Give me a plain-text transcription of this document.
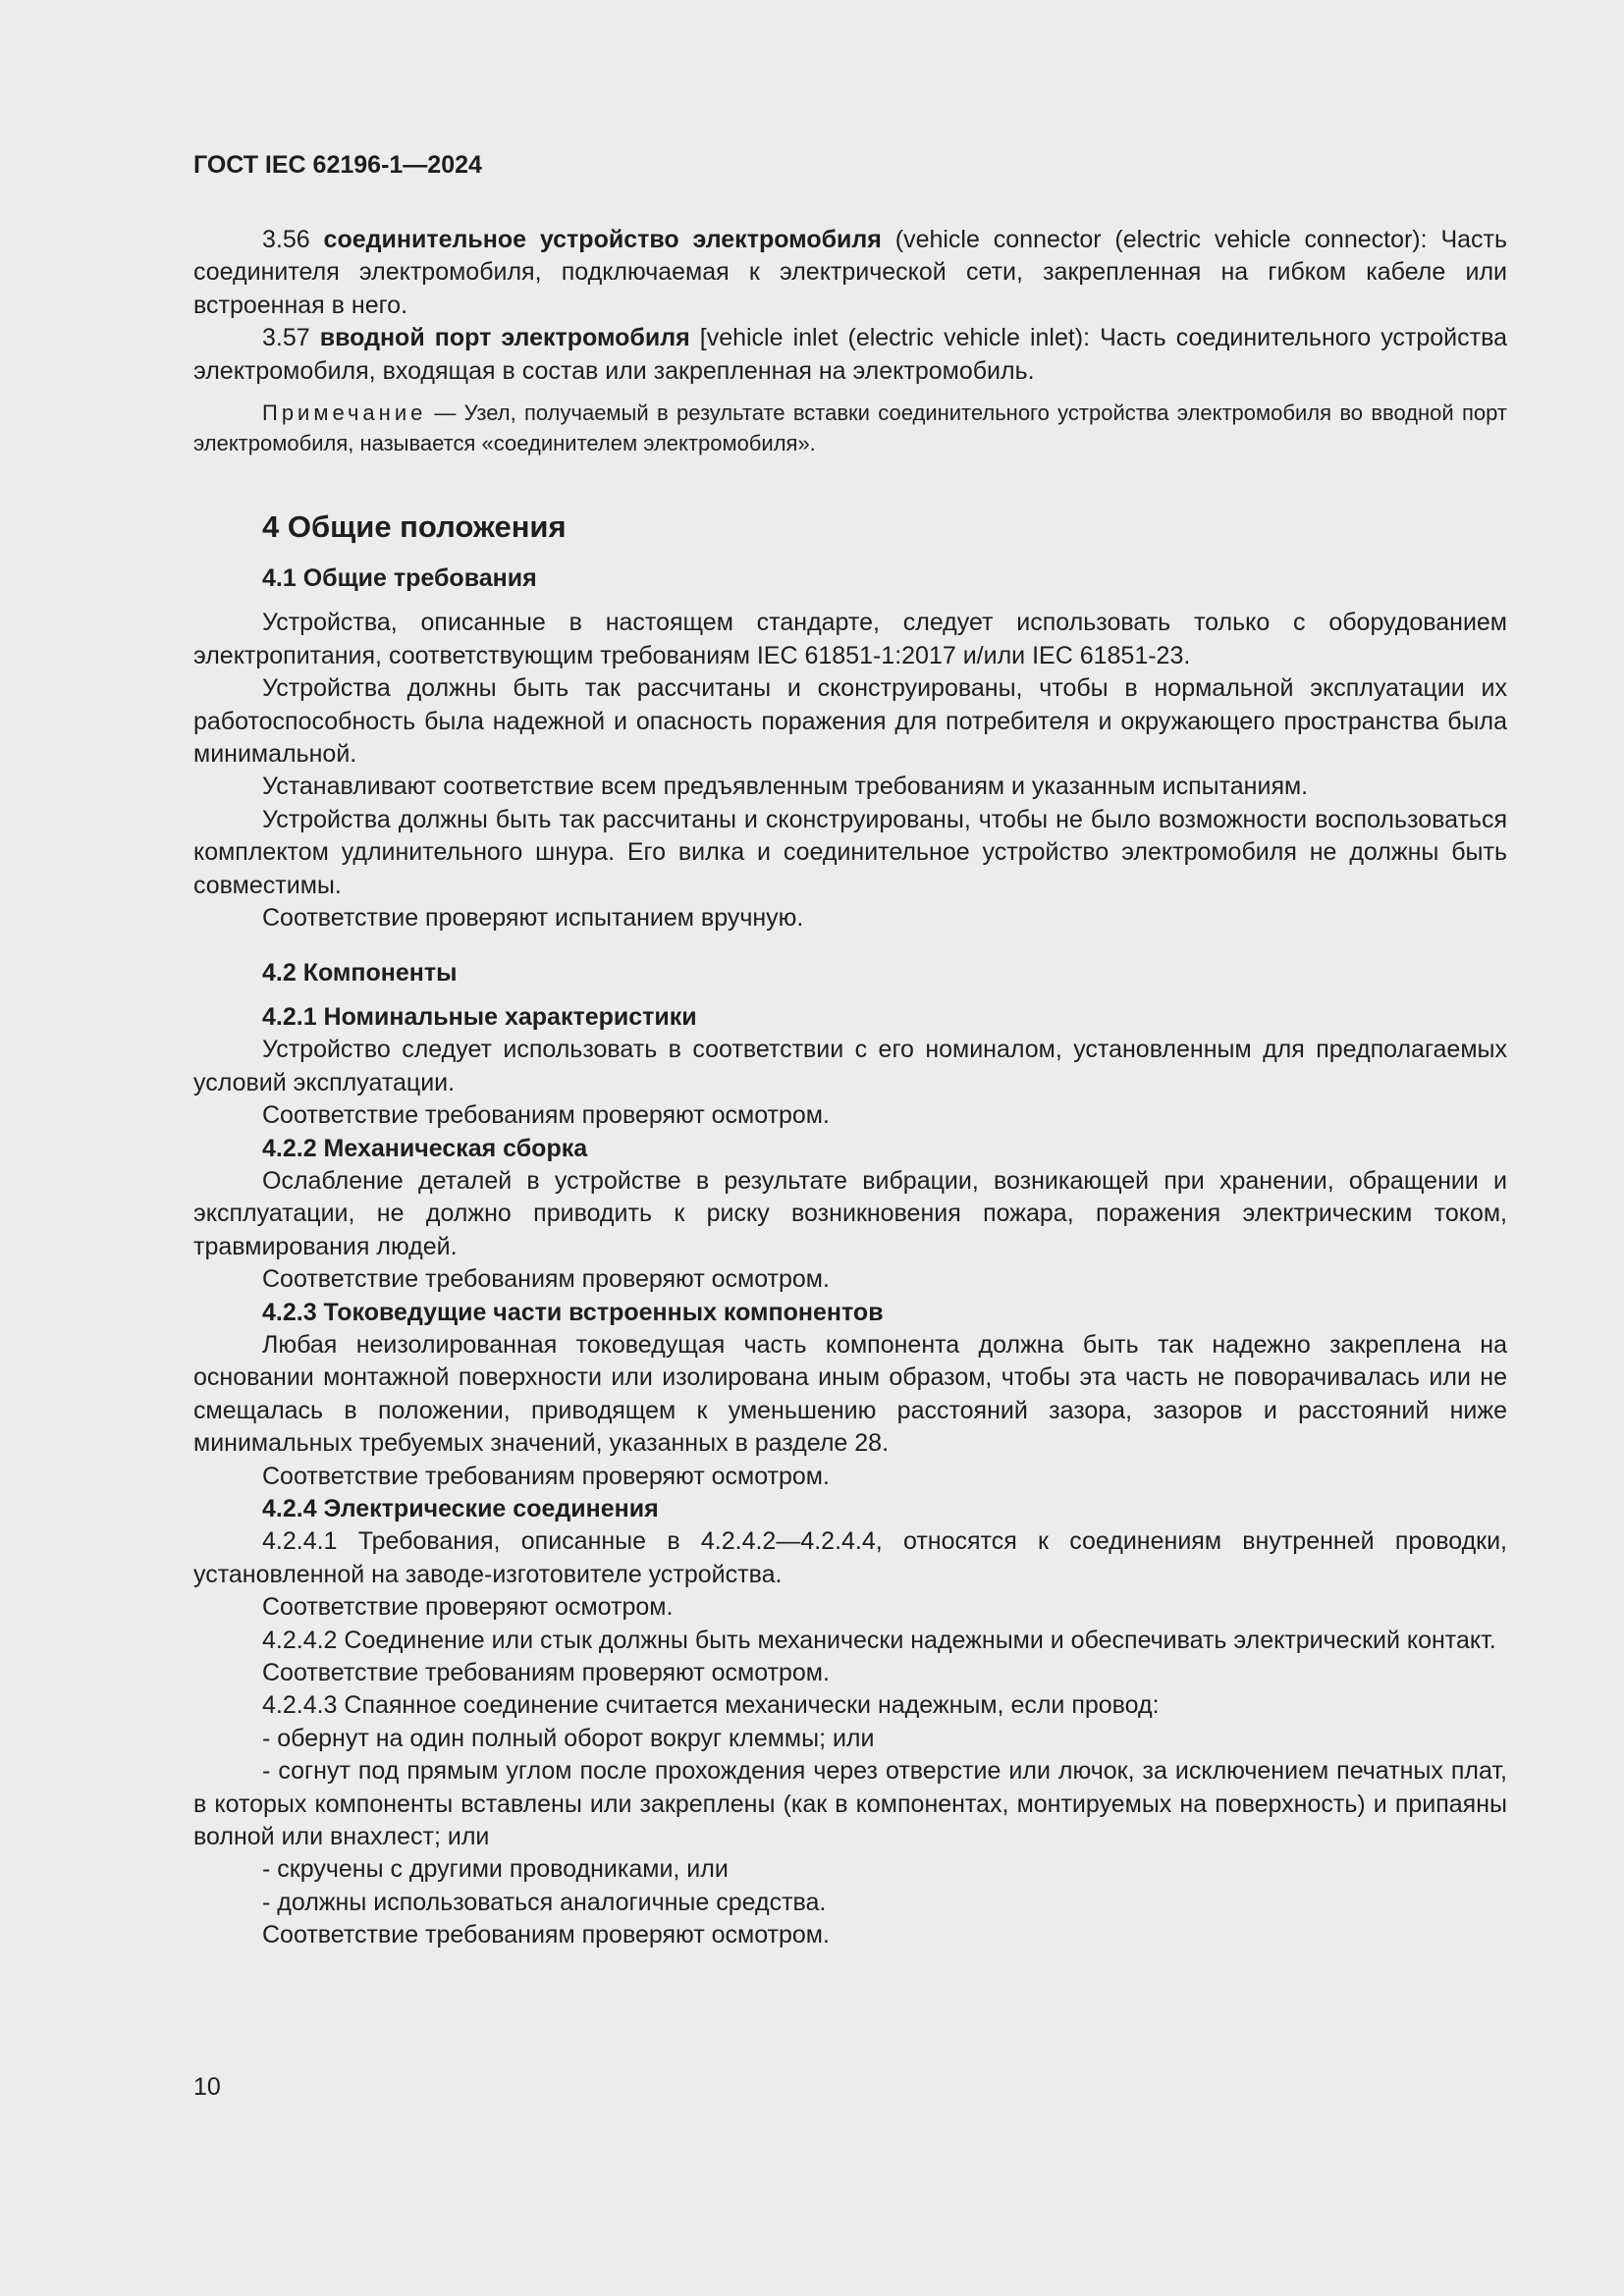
ГОСТ IEC 62196-1—2024

3.56 соединительное устройство электромобиля (vehicle connector (electric vehicle connector): Часть соединителя электромобиля, подключаемая к электрической сети, закрепленная на гибком кабеле или встроенная в него.

3.57 вводной порт электромобиля [vehicle inlet (electric vehicle inlet): Часть соединительного устройства электромобиля, входящая в состав или закрепленная на электромобиль.

Примечание — Узел, получаемый в результате вставки соединительного устройства электромобиля во вводной порт электромобиля, называется «соединителем электромобиля».

4 Общие положения
4.1 Общие требования

Устройства, описанные в настоящем стандарте, следует использовать только с оборудованием электропитания, соответствующим требованиям IEC 61851-1:2017 и/или IEC 61851-23.

Устройства должны быть так рассчитаны и сконструированы, чтобы в нормальной эксплуатации их работоспособность была надежной и опасность поражения для потребителя и окружающего пространства была минимальной.

Устанавливают соответствие всем предъявленным требованиям и указанным испытаниям.

Устройства должны быть так рассчитаны и сконструированы, чтобы не было возможности воспользоваться комплектом удлинительного шнура. Его вилка и соединительное устройство электромобиля не должны быть совместимы.

Соответствие проверяют испытанием вручную.

4.2 Компоненты
4.2.1 Номинальные характеристики

Устройство следует использовать в соответствии с его номиналом, установленным для предполагаемых условий эксплуатации.

Соответствие требованиям проверяют осмотром.

4.2.2 Механическая сборка

Ослабление деталей в устройстве в результате вибрации, возникающей при хранении, обращении и эксплуатации, не должно приводить к риску возникновения пожара, поражения электрическим током, травмирования людей.

Соответствие требованиям проверяют осмотром.

4.2.3 Токоведущие части встроенных компонентов

Любая неизолированная токоведущая часть компонента должна быть так надежно закреплена на основании монтажной поверхности или изолирована иным образом, чтобы эта часть не поворачивалась или не смещалась в положении, приводящем к уменьшению расстояний зазора, зазоров и расстояний ниже минимальных требуемых значений, указанных в разделе 28.

Соответствие требованиям проверяют осмотром.

4.2.4 Электрические соединения

4.2.4.1 Требования, описанные в 4.2.4.2—4.2.4.4, относятся к соединениям внутренней проводки, установленной на заводе-изготовителе устройства.

Соответствие проверяют осмотром.

4.2.4.2 Соединение или стык должны быть механически надежными и обеспечивать электрический контакт.

Соответствие требованиям проверяют осмотром.

4.2.4.3 Спаянное соединение считается механически надежным, если провод:

- обернут на один полный оборот вокруг клеммы; или

- согнут под прямым углом после прохождения через отверстие или лючок, за исключением печатных плат, в которых компоненты вставлены или закреплены (как в компонентах, монтируемых на поверхность) и припаяны волной или внахлест; или

- скручены с другими проводниками, или

- должны использоваться аналогичные средства.

Соответствие требованиям проверяют осмотром.

10
